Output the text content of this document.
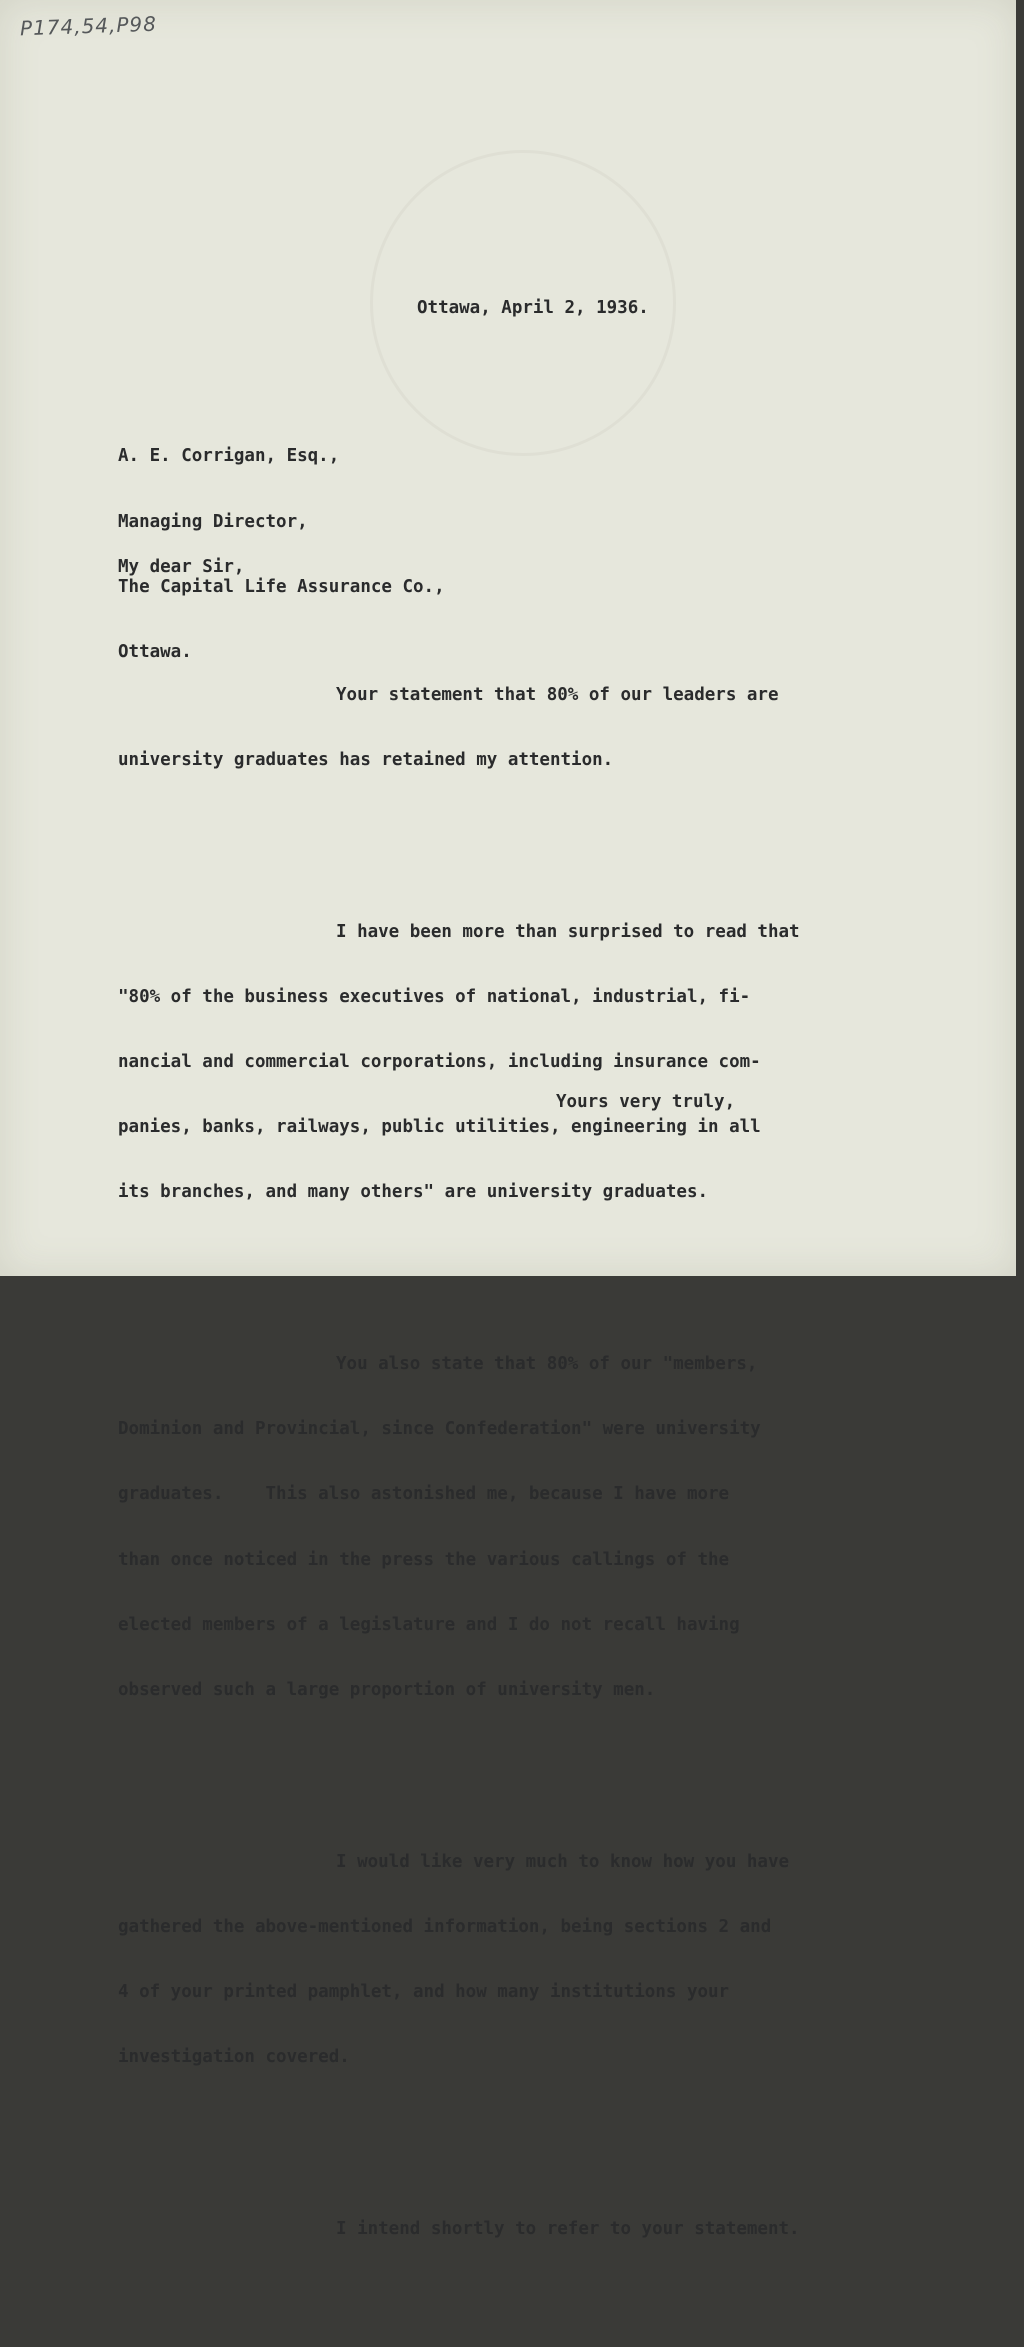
P174,54,P98
Ottawa, April 2, 1936.

A. E. Corrigan, Esq.,

Managing Director,

The Capital Life Assurance Co.,

Ottawa.

My dear Sir,

Your statement that 80% of our leaders are

university graduates has retained my attention.

I have been more than surprised to read that

"80% of the business executives of national, industrial, fi-

nancial and commercial corporations, including insurance com-

panies, banks, railways, public utilities, engineering in all

its branches, and many others" are university graduates.

You also state that 80% of our "members,

Dominion and Provincial, since Confederation" were university

graduates.    This also astonished me, because I have more

than once noticed in the press the various callings of the

elected members of a legislature and I do not recall having

observed such a large proportion of university men.

I would like very much to know how you have

gathered the above-mentioned information, being sections 2 and

4 of your printed pamphlet, and how many institutions your

investigation covered.

I intend shortly to refer to your statement.

Yours very truly,
